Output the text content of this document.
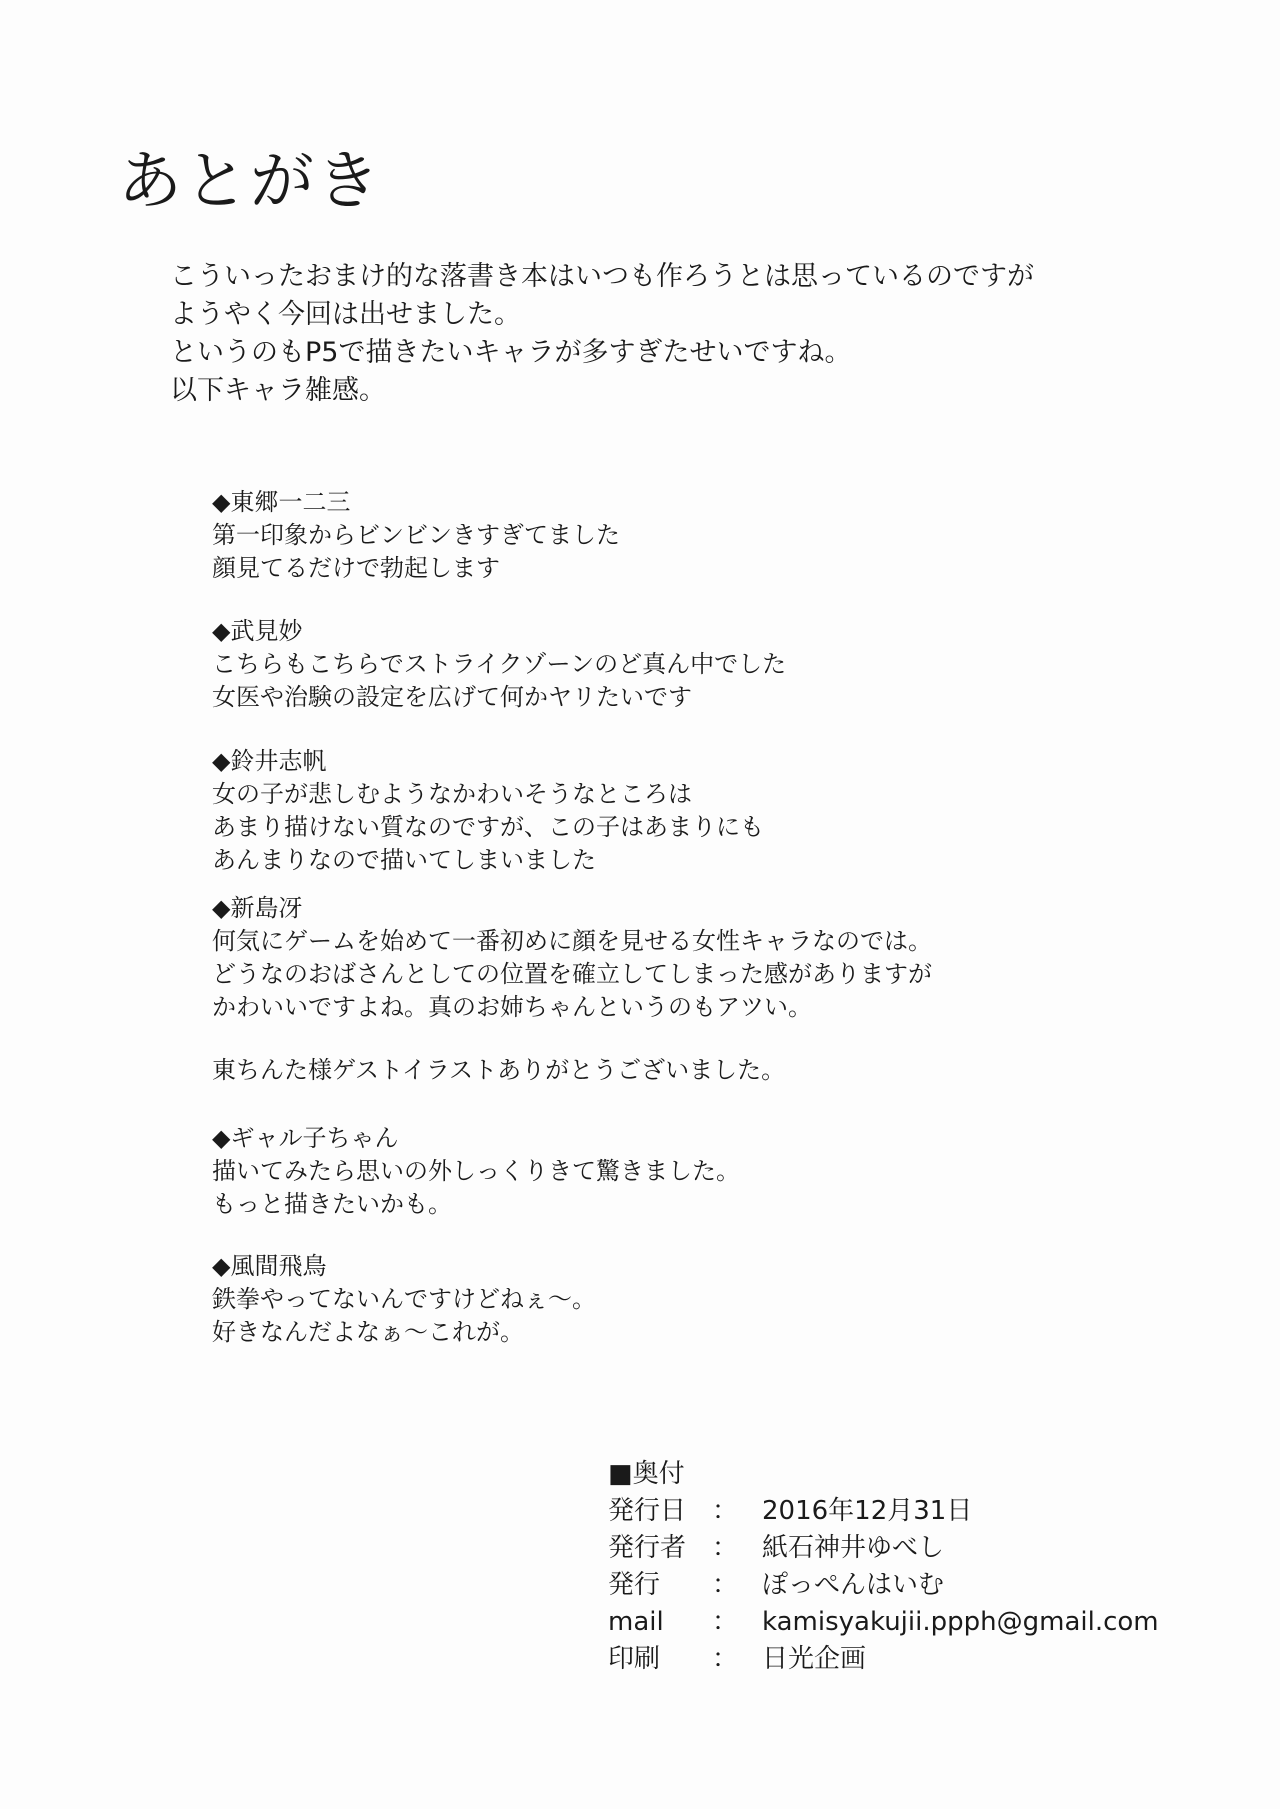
あとがき
こういったおまけ的な落書き本はいつも作ろうとは思っているのですが
ようやく今回は出せました。
というのもP5で描きたいキャラが多すぎたせいですね。
以下キャラ雑感。
◆東郷一二三
第一印象からビンビンきすぎてました
顔見てるだけで勃起します
◆武見妙
こちらもこちらでストライクゾーンのど真ん中でした
女医や治験の設定を広げて何かヤリたいです
◆鈴井志帆
女の子が悲しむようなかわいそうなところは
あまり描けない質なのですが、この子はあまりにも
あんまりなので描いてしまいました
◆新島冴
何気にゲームを始めて一番初めに顔を見せる女性キャラなのでは。
どうなのおばさんとしての位置を確立してしまった感がありますが
かわいいですよね。真のお姉ちゃんというのもアツい。
東ちんた様ゲストイラストありがとうございました。
◆ギャル子ちゃん
描いてみたら思いの外しっくりきて驚きました。
もっと描きたいかも。
◆風間飛鳥
鉄拳やってないんですけどねぇ～。
好きなんだよなぁ～これが。
■奥付
発行日 ： 2016年12月31日
発行者 ： 紙石神井ゆべし
発行	： ぽっぺんはいむ
mail	： kamisyakujii.ppph@gmail.com
印刷	： 日光企画
